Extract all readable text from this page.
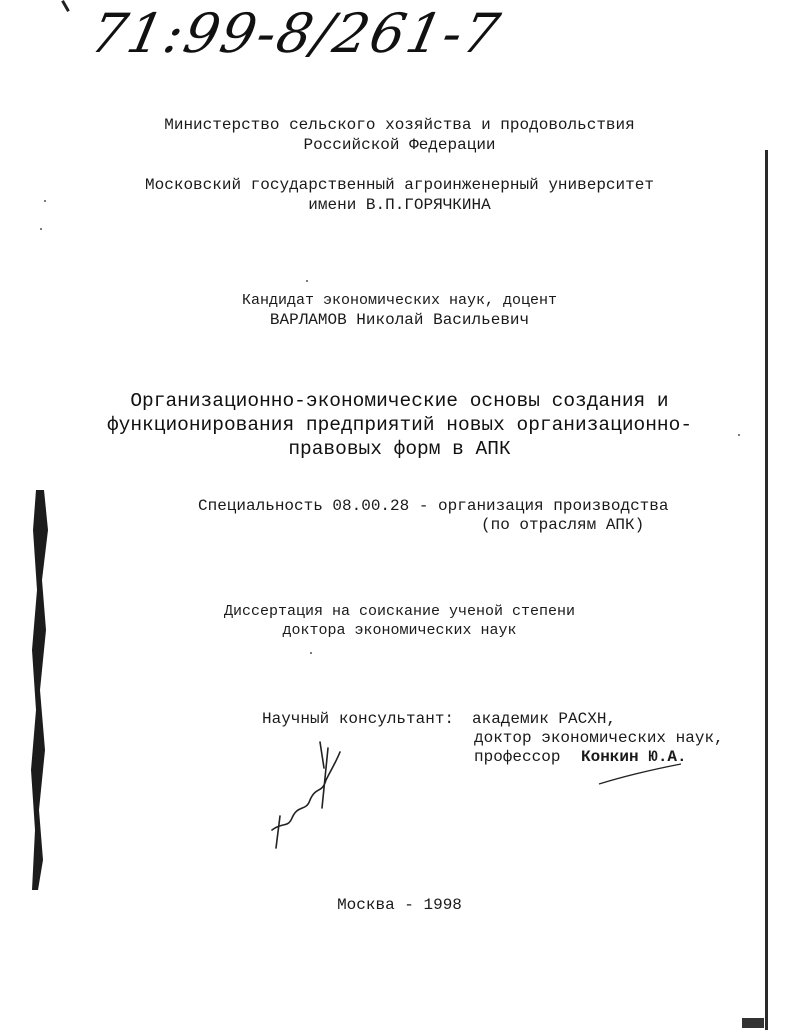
71:99-8/261-7
Министерство сельского хозяйства и продовольствия
Российской Федерации
Московский государственный агроинженерный университет
имени В.П.ГОРЯЧКИНА
Кандидат экономических наук, доцент
ВАРЛАМОВ Николай Васильевич
Организационно-экономические основы создания и
функционирования предприятий новых организационно-
правовых форм в АПК
Специальность 08.00.28 - организация производства
(по отраслям АПК)
Диссертация на соискание ученой степени
доктора экономических наук
Научный консультант: академик РАСХН,
доктор экономических наук,
профессор Конкин Ю.А.
Москва - 1998
